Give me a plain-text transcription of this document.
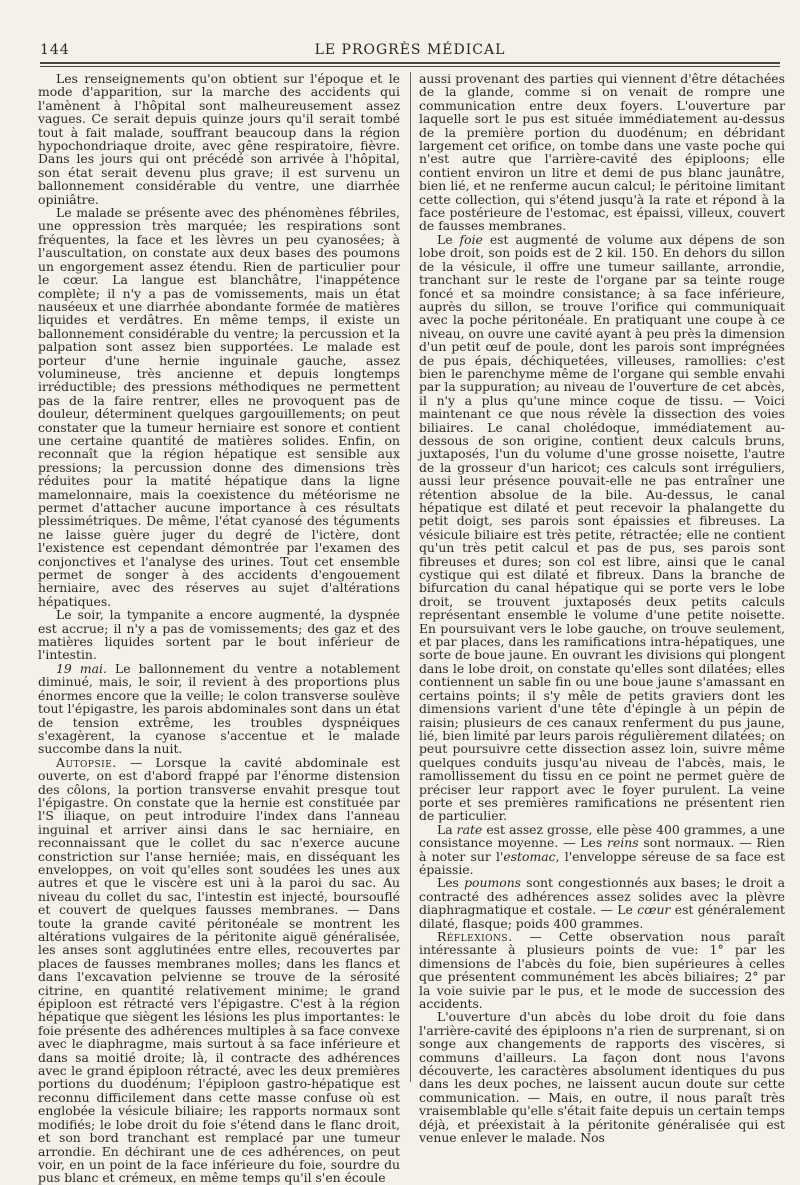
144	LE PROGRÈS MÉDICAL

Les renseignements qu'on obtient sur l'époque et le mode d'apparition, sur la marche des accidents qui l'amènent à l'hôpital sont malheureusement assez vagues. Ce serait depuis quinze jours qu'il serait tombé tout à fait malade, souffrant beaucoup dans la région hypochondriaque droite, avec gêne respiratoire, fièvre. Dans les jours qui ont précédé son arrivée à l'hôpital, son état serait devenu plus grave; il est survenu un ballonnement considérable du ventre, une diarrhée opiniâtre.

Le malade se présente avec des phénomènes fébriles, une oppression très marquée; les respirations sont fréquentes, la face et les lèvres un peu cyanosées; à l'auscultation, on constate aux deux bases des poumons un engorgement assez étendu. Rien de particulier pour le cœur. La langue est blanchâtre, l'inappétence complète; il n'y a pas de vomissements, mais un état nauséeux et une diarrhée abondante formée de matières liquides et verdâtres. En même temps, il existe un ballonnement considérable du ventre; la percussion et la palpation sont assez bien supportées. Le malade est porteur d'une hernie inguinale gauche, assez volumineuse, très ancienne et depuis longtemps irréductible; des pressions méthodiques ne permettent pas de la faire rentrer, elles ne provoquent pas de douleur, déterminent quelques gargouillements; on peut constater que la tumeur herniaire est sonore et contient une certaine quantité de matières solides. Enfin, on reconnaît que la région hépatique est sensible aux pressions; la percussion donne des dimensions très réduites pour la matité hépatique dans la ligne mamelonnaire, mais la coexistence du météorisme ne permet d'attacher aucune importance à ces résultats plessimétriques. De même, l'état cyanosé des téguments ne laisse guère juger du degré de l'ictère, dont l'existence est cependant démontrée par l'examen des conjonctives et l'analyse des urines. Tout cet ensemble permet de songer à des accidents d'engouement herniaire, avec des réserves au sujet d'altérations hépatiques.

Le soir, la tympanite a encore augmenté, la dyspnée est accrue; il n'y a pas de vomissements; des gaz et des matières liquides sortent par le bout inférieur de l'intestin.

19 mai. Le ballonnement du ventre a notablement diminué, mais, le soir, il revient à des proportions plus énormes encore que la veille; le colon transverse soulève tout l'épigastre, les parois abdominales sont dans un état de tension extrême, les troubles dyspnéiques s'exagèrent, la cyanose s'accentue et le malade succombe dans la nuit.

Autopsie. — Lorsque la cavité abdominale est ouverte, on est d'abord frappé par l'énorme distension des côlons, la portion transverse envahit presque tout l'épigastre. On constate que la hernie est constituée par l'S iliaque, on peut introduire l'index dans l'anneau inguinal et arriver ainsi dans le sac herniaire, en reconnaissant que le collet du sac n'exerce aucune constriction sur l'anse herniée; mais, en disséquant les enveloppes, on voit qu'elles sont soudées les unes aux autres et que le viscère est uni à la paroi du sac. Au niveau du collet du sac, l'intestin est injecté, boursouflé et couvert de quelques fausses membranes. — Dans toute la grande cavité péritonéale se montrent les altérations vulgaires de la péritonite aiguë généralisée, les anses sont agglutinées entre elles, recouvertes par places de fausses membranes molles; dans les flancs et dans l'excavation pelvienne se trouve de la sérosité citrine, en quantité relativement minime; le grand épiploon est rétracté vers l'épigastre. C'est à la région hépatique que siègent les lésions les plus importantes: le foie présente des adhérences multiples à sa face convexe avec le diaphragme, mais surtout à sa face inférieure et dans sa moitié droite; là, il contracte des adhérences avec le grand épiploon rétracté, avec les deux premières portions du duodénum; l'épiploon gastro-hépatique est reconnu difficilement dans cette masse confuse où est englobée la vésicule biliaire; les rapports normaux sont modifiés; le lobe droit du foie s'étend dans le flanc droit, et son bord tranchant est remplacé par une tumeur arrondie. En déchirant une de ces adhérences, on peut voir, en un point de la face inférieure du foie, sourdre du pus blanc et crémeux, en même temps qu'il s'en écoule

aussi provenant des parties qui viennent d'être détachées de la glande, comme si on venait de rompre une communication entre deux foyers. L'ouverture par laquelle sort le pus est située immédiatement au-dessus de la première portion du duodénum; en débridant largement cet orifice, on tombe dans une vaste poche qui n'est autre que l'arrière-cavité des épiploons; elle contient environ un litre et demi de pus blanc jaunâtre, bien lié, et ne renferme aucun calcul; le péritoine limitant cette collection, qui s'étend jusqu'à la rate et répond à la face postérieure de l'estomac, est épaissi, villeux, couvert de fausses membranes.

Le foie est augmenté de volume aux dépens de son lobe droit, son poids est de 2 kil. 150. En dehors du sillon de la vésicule, il offre une tumeur saillante, arrondie, tranchant sur le reste de l'organe par sa teinte rouge foncé et sa moindre consistance; à sa face inférieure, auprès du sillon, se trouve l'orifice qui communiquait avec la poche péritonéale. En pratiquant une coupe à ce niveau, on ouvre une cavité ayant à peu près la dimension d'un petit œuf de poule, dont les parois sont imprégnées de pus épais, déchiquetées, villeuses, ramollies: c'est bien le parenchyme même de l'organe qui semble envahi par la suppuration; au niveau de l'ouverture de cet abcès, il n'y a plus qu'une mince coque de tissu. — Voici maintenant ce que nous révèle la dissection des voies biliaires. Le canal cholédoque, immédiatement au-dessous de son origine, contient deux calculs bruns, juxtaposés, l'un du volume d'une grosse noisette, l'autre de la grosseur d'un haricot; ces calculs sont irréguliers, aussi leur présence pouvait-elle ne pas entraîner une rétention absolue de la bile. Au-dessus, le canal hépatique est dilaté et peut recevoir la phalangette du petit doigt, ses parois sont épaissies et fibreuses. La vésicule biliaire est très petite, rétractée; elle ne contient qu'un très petit calcul et pas de pus, ses parois sont fibreuses et dures; son col est libre, ainsi que le canal cystique qui est dilaté et fibreux. Dans la branche de bifurcation du canal hépatique qui se porte vers le lobe droit, se trouvent juxtaposés deux petits calculs représentant ensemble le volume d'une petite noisette. En poursuivant vers le lobe gauche, on trouve seulement, et par places, dans les ramifications intra-hépatiques, une sorte de boue jaune. En ouvrant les divisions qui plongent dans le lobe droit, on constate qu'elles sont dilatées; elles contiennent un sable fin ou une boue jaune s'amassant en certains points; il s'y mêle de petits graviers dont les dimensions varient d'une tête d'épingle à un pépin de raisin; plusieurs de ces canaux renferment du pus jaune, lié, bien limité par leurs parois régulièrement dilatées; on peut poursuivre cette dissection assez loin, suivre même quelques conduits jusqu'au niveau de l'abcès, mais, le ramollissement du tissu en ce point ne permet guère de préciser leur rapport avec le foyer purulent. La veine porte et ses premières ramifications ne présentent rien de particulier.

La rate est assez grosse, elle pèse 400 grammes, a une consistance moyenne. — Les reins sont normaux. — Rien à noter sur l'estomac, l'enveloppe séreuse de sa face est épaissie.

Les poumons sont congestionnés aux bases; le droit a contracté des adhérences assez solides avec la plèvre diaphragmatique et costale. — Le cœur est généralement dilaté, flasque; poids 400 grammes.

Réflexions. — Cette observation nous paraît intéressante à plusieurs points de vue: 1° par les dimensions de l'abcès du foie, bien supérieures à celles que présentent communément les abcès biliaires; 2° par la voie suivie par le pus, et le mode de succession des accidents.

L'ouverture d'un abcès du lobe droit du foie dans l'arrière-cavité des épiploons n'a rien de surprenant, si on songe aux changements de rapports des viscères, si communs d'ailleurs. La façon dont nous l'avons découverte, les caractères absolument identiques du pus dans les deux poches, ne laissent aucun doute sur cette communication. — Mais, en outre, il nous paraît très vraisemblable qu'elle s'était faite depuis un certain temps déjà, et préexistait à la péritonite généralisée qui est venue enlever le malade. Nos
